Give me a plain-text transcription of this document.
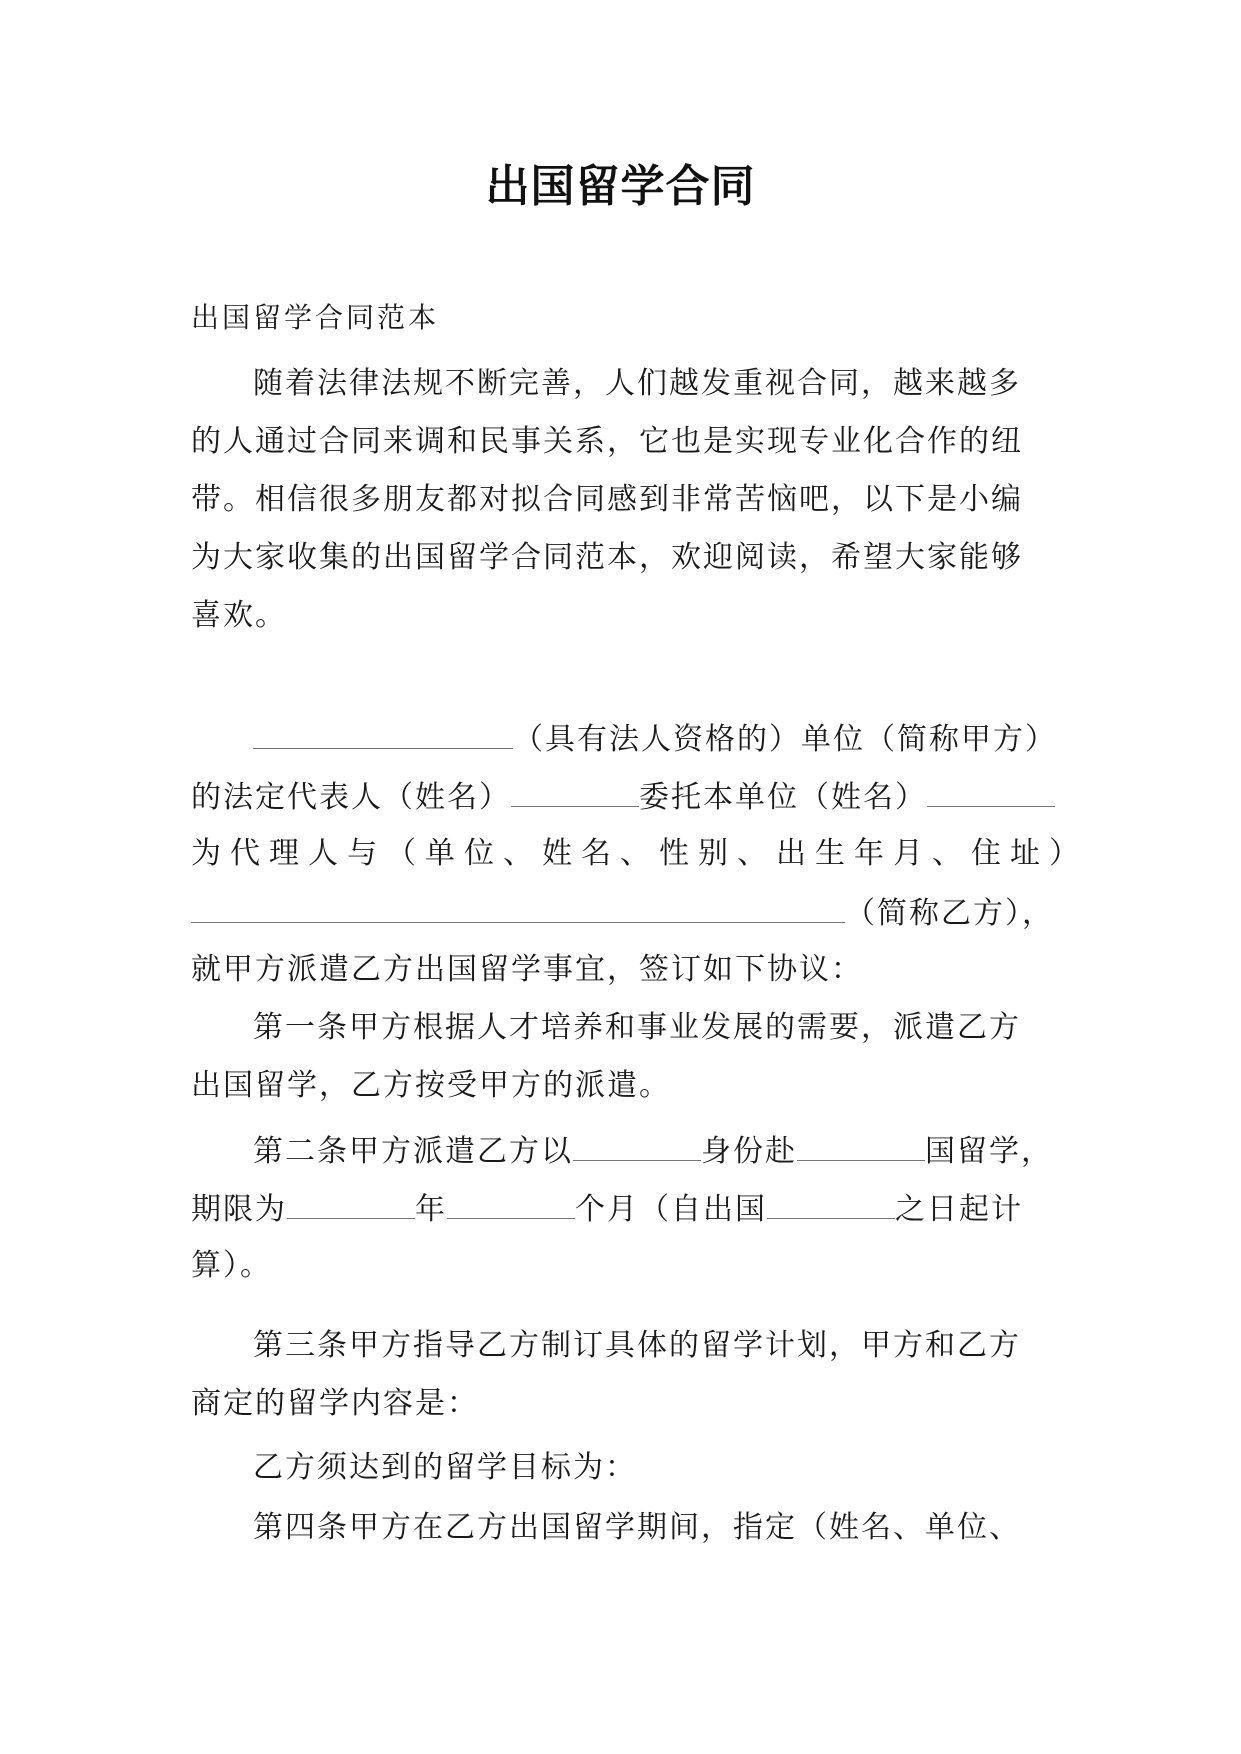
出国留学合同
出国留学合同范本
随着法律法规不断完善，人们越发重视合同，越来越多
的人通过合同来调和民事关系，它也是实现专业化合作的纽
带。相信很多朋友都对拟合同感到非常苦恼吧，以下是小编
为大家收集的出国留学合同范本，欢迎阅读，希望大家能够
喜欢。
（具有法人资格的）单位（简称甲方）
的法定代表人（姓名）	委托本单位（姓名）
为代理人与（单位、姓名、性别、出生年月、住址）
（简称乙方），
就甲方派遣乙方出国留学事宜，签订如下协议：
第一条甲方根据人才培养和事业发展的需要，派遣乙方
出国留学，乙方按受甲方的派遣。
第二条甲方派遣乙方以	身份赴	国留学，
期限为	年	个月（自出国	之日起计
算）。
第三条甲方指导乙方制订具体的留学计划，甲方和乙方
商定的留学内容是：
乙方须达到的留学目标为：
第四条甲方在乙方出国留学期间，指定（姓名、单位、
